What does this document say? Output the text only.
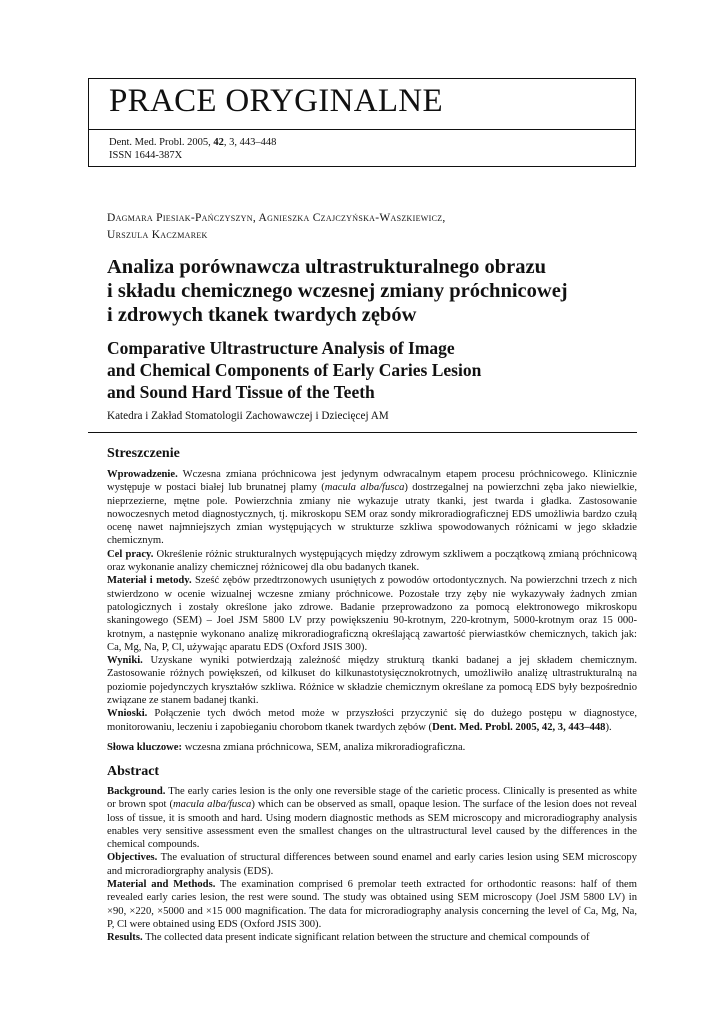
PRACE ORYGINALNE
Dent. Med. Probl. 2005, 42, 3, 443–448
ISSN 1644-387X
Dagmara Piesiak-Pańczyszyn, Agnieszka Czajczyńska-Waszkiewicz,
Urszula Kaczmarek
Analiza porównawcza ultrastrukturalnego obrazu
i składu chemicznego wczesnej zmiany próchnicowej
i zdrowych tkanek twardych zębów
Comparative Ultrastructure Analysis of Image
and Chemical Components of Early Caries Lesion
and Sound Hard Tissue of the Teeth
Katedra i Zakład Stomatologii Zachowawczej i Dziecięcej AM
Streszczenie

Wprowadzenie. Wczesna zmiana próchnicowa jest jedynym odwracalnym etapem procesu próchnicowego. Klinicznie występuje w postaci białej lub brunatnej plamy (macula alba/fusca) dostrzegalnej na powierzchni zęba jako niewielkie, nieprzezierne, mętne pole. Powierzchnia zmiany nie wykazuje utraty tkanki, jest twarda i gładka. Zastosowanie nowoczesnych metod diagnostycznych, tj. mikroskopu SEM oraz sondy mikroradiograficznej EDS umożliwia bardzo czułą ocenę nawet najmniejszych zmian występujących w strukturze szkliwa spowodowanych różnicami w jego składzie chemicznym.

Cel pracy. Określenie różnic strukturalnych występujących między zdrowym szkliwem a początkową zmianą próchnicową oraz wykonanie analizy chemicznej różnicowej dla obu badanych tkanek.

Materiał i metody. Sześć zębów przedtrzonowych usuniętych z powodów ortodontycznych. Na powierzchni trzech z nich stwierdzono w ocenie wizualnej wczesne zmiany próchnicowe. Pozostałe trzy zęby nie wykazywały żadnych zmian patologicznych i zostały określone jako zdrowe. Badanie przeprowadzono za pomocą elektronowego mikroskopu skaningowego (SEM) – Joel JSM 5800 LV przy powiększeniu 90-krotnym, 220-krotnym, 5000-krotnym oraz 15 000-krotnym, a następnie wykonano analizę mikroradiograficzną określającą zawartość pierwiastków chemicznych, takich jak: Ca, Mg, Na, P, Cl, używając aparatu EDS (Oxford JSIS 300).

Wyniki. Uzyskane wyniki potwierdzają zależność między strukturą tkanki badanej a jej składem chemicznym. Zastosowanie różnych powiększeń, od kilkuset do kilkunastotysięcznokrotnych, umożliwiło analizę ultrastrukturalną na poziomie pojedynczych kryształów szkliwa. Różnice w składzie chemicznym określane za pomocą EDS były bezpośrednio związane ze stanem badanej tkanki.

Wnioski. Połączenie tych dwóch metod może w przyszłości przyczynić się do dużego postępu w diagnostyce, monitorowaniu, leczeniu i zapobieganiu chorobom tkanek twardych zębów (Dent. Med. Probl. 2005, 42, 3, 443–448).

Słowa kluczowe: wczesna zmiana próchnicowa, SEM, analiza mikroradiograficzna.

Abstract

Background. The early caries lesion is the only one reversible stage of the carietic process. Clinically is presented as white or brown spot (macula alba/fusca) which can be observed as small, opaque lesion. The surface of the lesion does not reveal loss of tissue, it is smooth and hard. Using modern diagnostic methods as SEM microscopy and microradiography analysis enables very sensitive assessment even the smallest changes on the ultrastructural level caused by the differences in the chemical compounds.

Objectives. The evaluation of structural differences between sound enamel and early caries lesion using SEM microscopy and microradiorgraphy analysis (EDS).

Material and Methods. The examination comprised 6 premolar teeth extracted for orthodontic reasons: half of them revealed early caries lesion, the rest were sound. The study was obtained using SEM microscopy (Joel JSM 5800 LV) in ×90, ×220, ×5000 and ×15 000 magnification. The data for microradiography analysis concerning the level of Ca, Mg, Na, P, Cl were obtained using EDS (Oxford JSIS 300).

Results. The collected data present indicate significant relation between the structure and chemical compounds of
